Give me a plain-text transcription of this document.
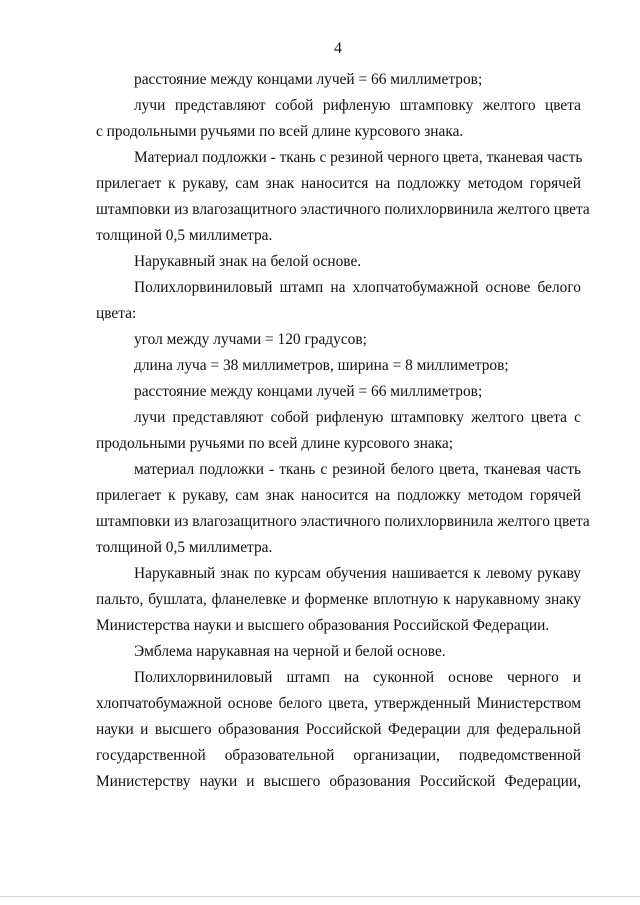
4
расстояние между концами лучей = 66 миллиметров;
лучи представляют собой рифленую штамповку желтого цвета
с продольными ручьями по всей длине курсового знака.
Материал подложки - ткань с резиной черного цвета, тканевая часть
прилегает к рукаву, сам знак наносится на подложку методом горячей
штамповки из влагозащитного эластичного полихлорвинила желтого цвета
толщиной 0,5 миллиметра.
Нарукавный знак на белой основе.
Полихлорвиниловый штамп на хлопчатобумажной основе белого
цвета:
угол между лучами = 120 градусов;
длина луча = 38 миллиметров, ширина = 8 миллиметров;
расстояние между концами лучей = 66 миллиметров;
лучи представляют собой рифленую штамповку желтого цвета с
продольными ручьями по всей длине курсового знака;
материал подложки - ткань с резиной белого цвета, тканевая часть
прилегает к рукаву, сам знак наносится на подложку методом горячей
штамповки из влагозащитного эластичного полихлорвинила желтого цвета
толщиной 0,5 миллиметра.
Нарукавный знак по курсам обучения нашивается к левому рукаву
пальто, бушлата, фланелевке и форменке вплотную к нарукавному знаку
Министерства науки и высшего образования Российской Федерации.
Эмблема нарукавная на черной и белой основе.
Полихлорвиниловый штамп на суконной основе черного и
хлопчатобумажной основе белого цвета, утвержденный Министерством
науки и высшего образования Российской Федерации для федеральной
государственной образовательной организации, подведомственной
Министерству науки и высшего образования Российской Федерации,
